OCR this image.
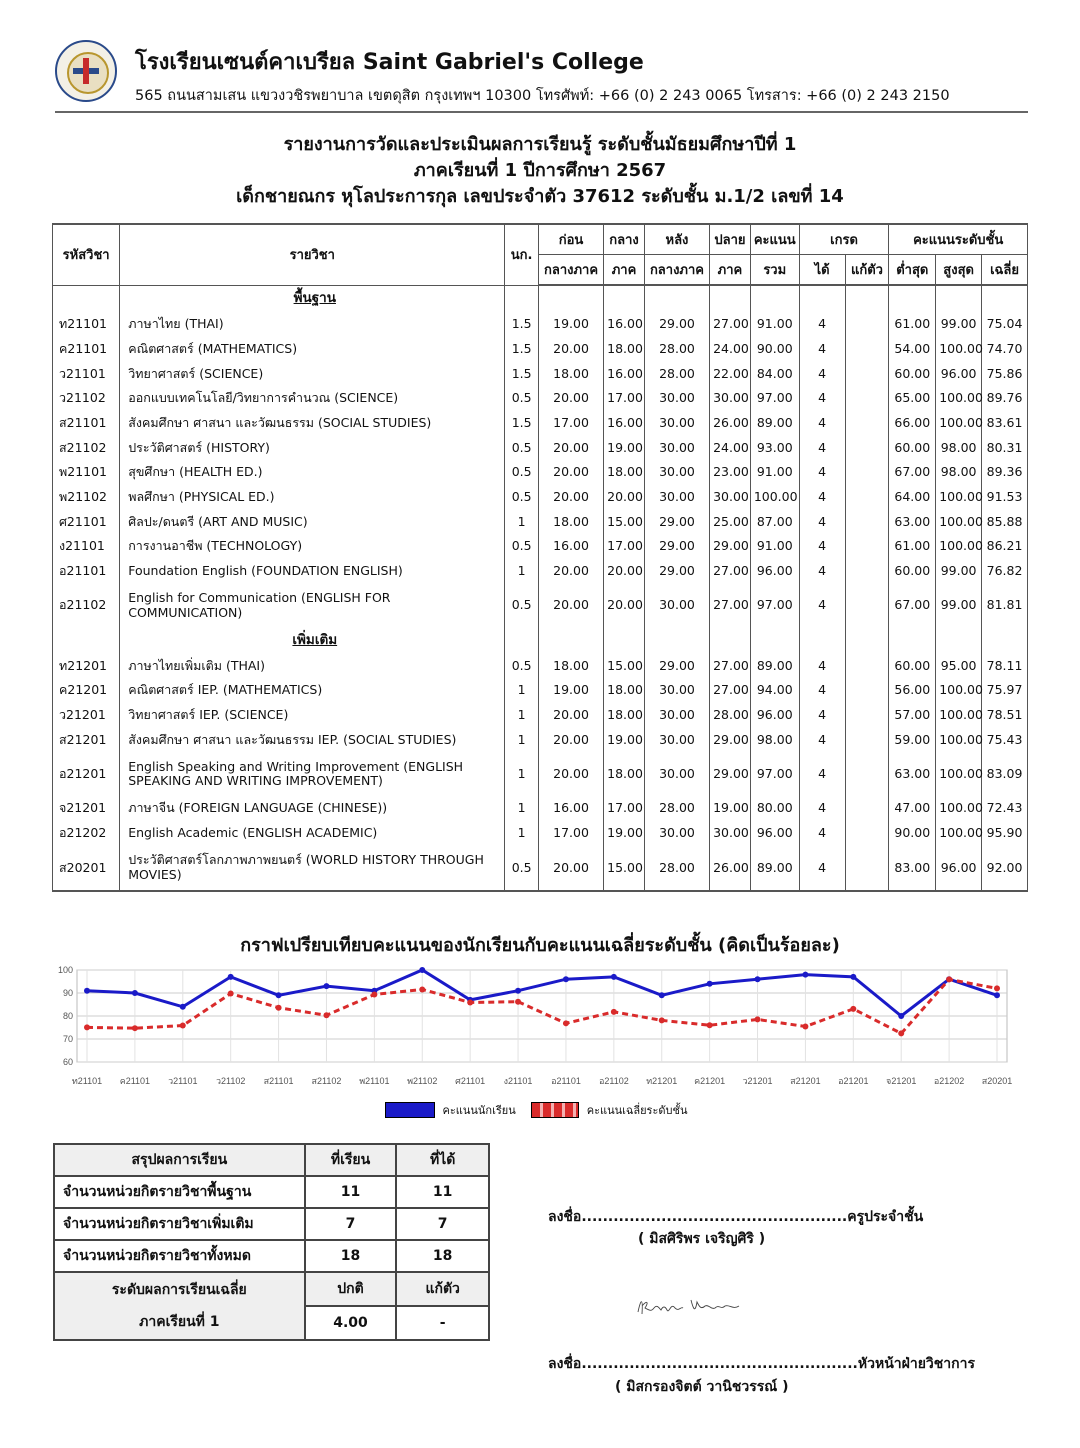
โรงเรียนเซนต์คาเบรียล Saint Gabriel's College
565 ถนนสามเสน แขวงวชิรพยาบาล เขตดุสิต กรุงเทพฯ 10300 โทรศัพท์: +66 (0) 2 243 0065 โทรสาร: +66 (0) 2 243 2150
รายงานการวัดและประเมินผลการเรียนรู้ ระดับชั้นมัธยมศึกษาปีที่ 1
ภาคเรียนที่ 1 ปีการศึกษา 2567
เด็กชายณกร หุโลประการกุล เลขประจำตัว 37612 ระดับชั้น ม.1/2 เลขที่ 14
รหัสวิชา	รายวิชา	นก.	ก่อน	กลาง	หลัง	ปลาย	คะแนน	เกรด		คะแนนระดับชั้น		
			กลางภาค	ภาค	กลางภาค	ภาค	รวม	ได้	แก้ตัว	ต่ำสุด	สูงสุด	เฉลี่ย
	พื้นฐาน											
ท21101	ภาษาไทย (THAI)	1.5	19.00	16.00	29.00	27.00	91.00	4		61.00	99.00	75.04
ค21101	คณิตศาสตร์ (MATHEMATICS)	1.5	20.00	18.00	28.00	24.00	90.00	4		54.00	100.00	74.70
ว21101	วิทยาศาสตร์ (SCIENCE)	1.5	18.00	16.00	28.00	22.00	84.00	4		60.00	96.00	75.86
ว21102	ออกแบบเทคโนโลยี/วิทยาการคำนวณ (SCIENCE)	0.5	20.00	17.00	30.00	30.00	97.00	4		65.00	100.00	89.76
ส21101	สังคมศึกษา ศาสนา และวัฒนธรรม (SOCIAL STUDIES)	1.5	17.00	16.00	30.00	26.00	89.00	4		66.00	100.00	83.61
ส21102	ประวัติศาสตร์ (HISTORY)	0.5	20.00	19.00	30.00	24.00	93.00	4		60.00	98.00	80.31
พ21101	สุขศึกษา (HEALTH ED.)	0.5	20.00	18.00	30.00	23.00	91.00	4		67.00	98.00	89.36
พ21102	พลศึกษา (PHYSICAL ED.)	0.5	20.00	20.00	30.00	30.00	100.00	4		64.00	100.00	91.53
ศ21101	ศิลปะ/ดนตรี (ART AND MUSIC)	1	18.00	15.00	29.00	25.00	87.00	4		63.00	100.00	85.88
ง21101	การงานอาชีพ (TECHNOLOGY)	0.5	16.00	17.00	29.00	29.00	91.00	4		61.00	100.00	86.21
อ21101	Foundation English (FOUNDATION ENGLISH)	1	20.00	20.00	29.00	27.00	96.00	4		60.00	99.00	76.82
อ21102	English for Communication (ENGLISH FOR COMMUNICATION)	0.5	20.00	20.00	30.00	27.00	97.00	4		67.00	99.00	81.81
	เพิ่มเติม											
ท21201	ภาษาไทยเพิ่มเติม (THAI)	0.5	18.00	15.00	29.00	27.00	89.00	4		60.00	95.00	78.11
ค21201	คณิตศาสตร์ IEP. (MATHEMATICS)	1	19.00	18.00	30.00	27.00	94.00	4		56.00	100.00	75.97
ว21201	วิทยาศาสตร์ IEP. (SCIENCE)	1	20.00	18.00	30.00	28.00	96.00	4		57.00	100.00	78.51
ส21201	สังคมศึกษา ศาสนา และวัฒนธรรม IEP. (SOCIAL STUDIES)	1	20.00	19.00	30.00	29.00	98.00	4		59.00	100.00	75.43
อ21201	English Speaking and Writing Improvement (ENGLISH SPEAKING AND WRITING IMPROVEMENT)	1	20.00	18.00	30.00	29.00	97.00	4		63.00	100.00	83.09
จ21201	ภาษาจีน (FOREIGN LANGUAGE (CHINESE))	1	16.00	17.00	28.00	19.00	80.00	4		47.00	100.00	72.43
อ21202	English Academic (ENGLISH ACADEMIC)	1	17.00	19.00	30.00	30.00	96.00	4		90.00	100.00	95.90
ส20201	ประวัติศาสตร์โลกภาพภาพยนตร์ (WORLD HISTORY THROUGH MOVIES)	0.5	20.00	15.00	28.00	26.00	89.00	4		83.00	96.00	92.00
กราฟเปรียบเทียบคะแนนของนักเรียนกับคะแนนเฉลี่ยระดับชั้น (คิดเป็นร้อยละ)
60
70
80
90
100
ท21101 ค21101 ว21101 ว21102 ส21101 ส21102 พ21101 พ21102 ศ21101 ง21101 อ21101 อ21102 ท21201 ค21201 ว21201 ส21201 อ21201 จ21201 อ21202 ส20201
คะแนนนักเรียน	คะแนนเฉลี่ยระดับชั้น
สรุปผลการเรียน	ที่เรียน	ที่ได้
จำนวนหน่วยกิตรายวิชาพื้นฐาน	11	11
จำนวนหน่วยกิตรายวิชาเพิ่มเติม	7	7
จำนวนหน่วยกิตรายวิชาทั้งหมด	18	18

ระดับผลการเรียนเฉลี่ย
ภาคเรียนที่ 1	ปกติ	แก้ตัว
	4.00	-
ลงชื่อ..................................................ครูประจำชั้น
( มิสศิริพร เจริญศิริ )
ลงชื่อ....................................................หัวหน้าฝ่ายวิชาการ
( มิสกรองจิตต์ วานิชวรรณ์ )
